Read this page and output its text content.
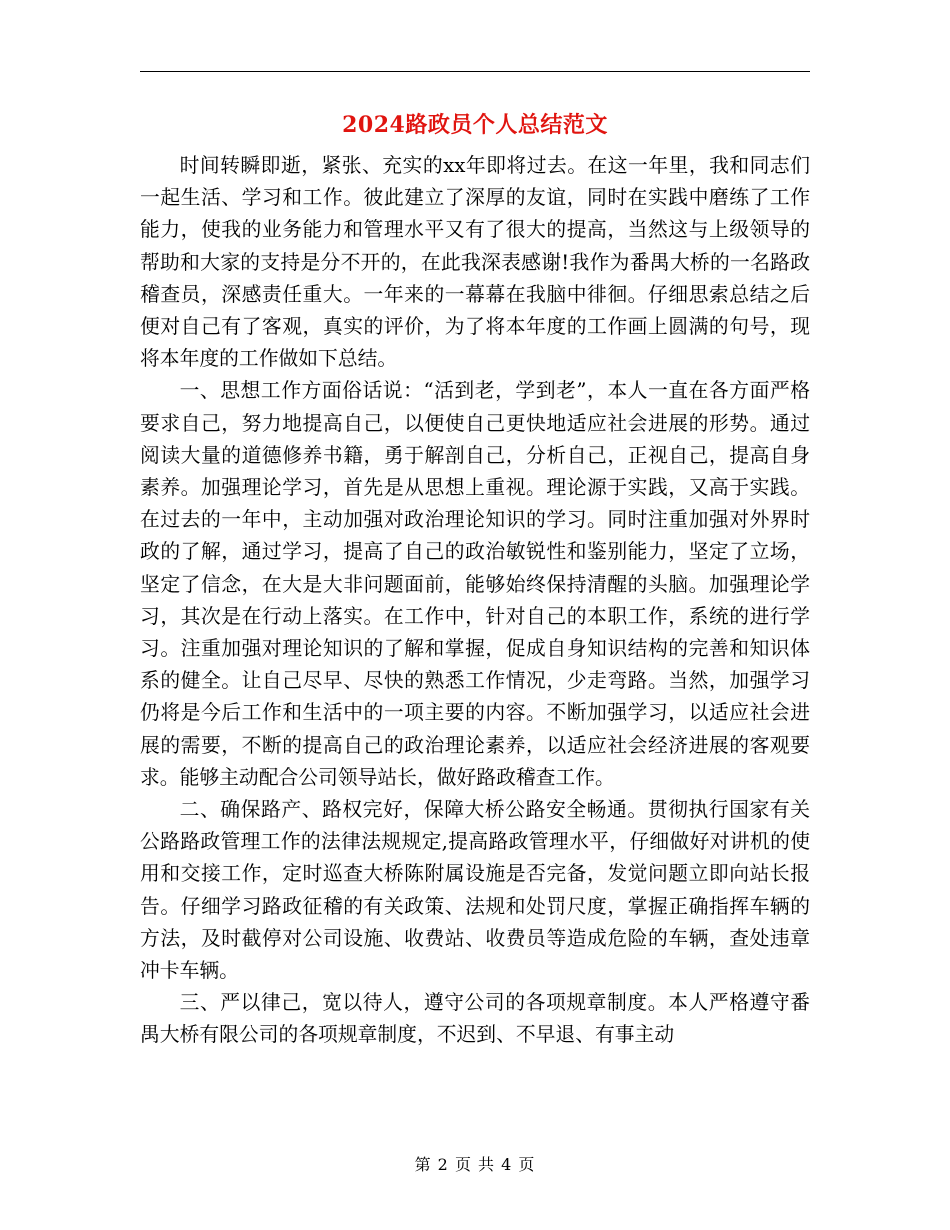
2024路政员个人总结范文

时间转瞬即逝，紧张、充实的xx年即将过去。在这一年里，我和同志们一起生活、学习和工作。彼此建立了深厚的友谊，同时在实践中磨练了工作能力，使我的业务能力和管理水平又有了很大的提高，当然这与上级领导的帮助和大家的支持是分不开的，在此我深表感谢!我作为番禺大桥的一名路政稽查员，深感责任重大。一年来的一幕幕在我脑中徘徊。仔细思索总结之后便对自己有了客观，真实的评价，为了将本年度的工作画上圆满的句号，现将本年度的工作做如下总结。

一、思想工作方面俗话说：“活到老，学到老”，本人一直在各方面严格要求自己，努力地提高自己，以便使自己更快地适应社会进展的形势。通过阅读大量的道德修养书籍，勇于解剖自己，分析自己，正视自己，提高自身素养。加强理论学习，首先是从思想上重视。理论源于实践，又高于实践。在过去的一年中，主动加强对政治理论知识的学习。同时注重加强对外界时政的了解，通过学习，提高了自己的政治敏锐性和鉴别能力，坚定了立场，坚定了信念，在大是大非问题面前，能够始终保持清醒的头脑。加强理论学习，其次是在行动上落实。在工作中，针对自己的本职工作，系统的进行学习。注重加强对理论知识的了解和掌握，促成自身知识结构的完善和知识体系的健全。让自己尽早、尽快的熟悉工作情况，少走弯路。当然，加强学习仍将是今后工作和生活中的一项主要的内容。不断加强学习，以适应社会进展的需要，不断的提高自己的政治理论素养，以适应社会经济进展的客观要求。能够主动配合公司领导站长，做好路政稽查工作。

二、确保路产、路权完好，保障大桥公路安全畅通。贯彻执行国家有关公路路政管理工作的法律法规规定,提高路政管理水平，仔细做好对讲机的使用和交接工作，定时巡查大桥陈附属设施是否完备，发觉问题立即向站长报告。仔细学习路政征稽的有关政策、法规和处罚尺度，掌握正确指挥车辆的方法，及时截停对公司设施、收费站、收费员等造成危险的车辆，查处违章冲卡车辆。

三、严以律己，宽以待人，遵守公司的各项规章制度。本人严格遵守番禺大桥有限公司的各项规章制度，不迟到、不早退、有事主动

第 2 页 共 4 页
